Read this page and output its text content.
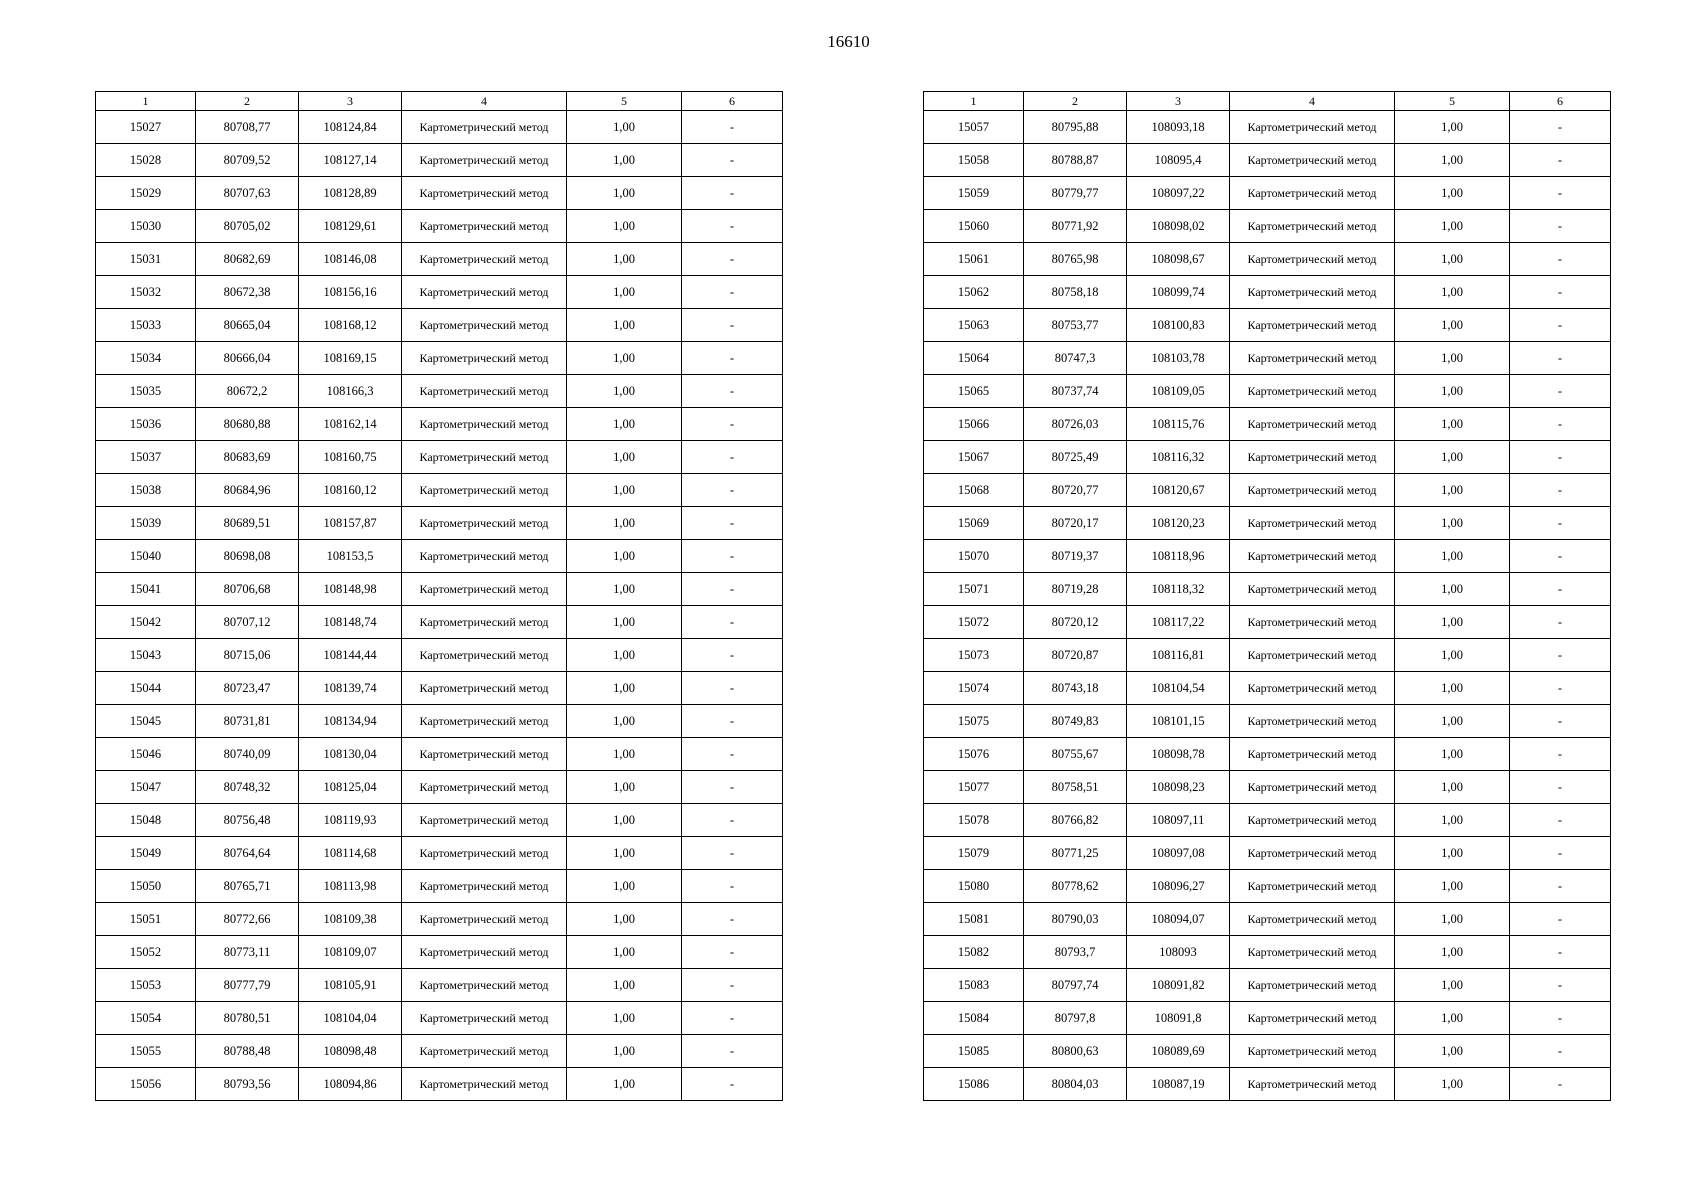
16610
1	2	3	4	5	6
15027	80708,77	108124,84	Картометрический метод	1,00	-
15028	80709,52	108127,14	Картометрический метод	1,00	-
15029	80707,63	108128,89	Картометрический метод	1,00	-
15030	80705,02	108129,61	Картометрический метод	1,00	-
15031	80682,69	108146,08	Картометрический метод	1,00	-
15032	80672,38	108156,16	Картометрический метод	1,00	-
15033	80665,04	108168,12	Картометрический метод	1,00	-
15034	80666,04	108169,15	Картометрический метод	1,00	-
15035	80672,2	108166,3	Картометрический метод	1,00	-
15036	80680,88	108162,14	Картометрический метод	1,00	-
15037	80683,69	108160,75	Картометрический метод	1,00	-
15038	80684,96	108160,12	Картометрический метод	1,00	-
15039	80689,51	108157,87	Картометрический метод	1,00	-
15040	80698,08	108153,5	Картометрический метод	1,00	-
15041	80706,68	108148,98	Картометрический метод	1,00	-
15042	80707,12	108148,74	Картометрический метод	1,00	-
15043	80715,06	108144,44	Картометрический метод	1,00	-
15044	80723,47	108139,74	Картометрический метод	1,00	-
15045	80731,81	108134,94	Картометрический метод	1,00	-
15046	80740,09	108130,04	Картометрический метод	1,00	-
15047	80748,32	108125,04	Картометрический метод	1,00	-
15048	80756,48	108119,93	Картометрический метод	1,00	-
15049	80764,64	108114,68	Картометрический метод	1,00	-
15050	80765,71	108113,98	Картометрический метод	1,00	-
15051	80772,66	108109,38	Картометрический метод	1,00	-
15052	80773,11	108109,07	Картометрический метод	1,00	-
15053	80777,79	108105,91	Картометрический метод	1,00	-
15054	80780,51	108104,04	Картометрический метод	1,00	-
15055	80788,48	108098,48	Картометрический метод	1,00	-
15056	80793,56	108094,86	Картометрический метод	1,00	-
1	2	3	4	5	6
15057	80795,88	108093,18	Картометрический метод	1,00	-
15058	80788,87	108095,4	Картометрический метод	1,00	-
15059	80779,77	108097,22	Картометрический метод	1,00	-
15060	80771,92	108098,02	Картометрический метод	1,00	-
15061	80765,98	108098,67	Картометрический метод	1,00	-
15062	80758,18	108099,74	Картометрический метод	1,00	-
15063	80753,77	108100,83	Картометрический метод	1,00	-
15064	80747,3	108103,78	Картометрический метод	1,00	-
15065	80737,74	108109,05	Картометрический метод	1,00	-
15066	80726,03	108115,76	Картометрический метод	1,00	-
15067	80725,49	108116,32	Картометрический метод	1,00	-
15068	80720,77	108120,67	Картометрический метод	1,00	-
15069	80720,17	108120,23	Картометрический метод	1,00	-
15070	80719,37	108118,96	Картометрический метод	1,00	-
15071	80719,28	108118,32	Картометрический метод	1,00	-
15072	80720,12	108117,22	Картометрический метод	1,00	-
15073	80720,87	108116,81	Картометрический метод	1,00	-
15074	80743,18	108104,54	Картометрический метод	1,00	-
15075	80749,83	108101,15	Картометрический метод	1,00	-
15076	80755,67	108098,78	Картометрический метод	1,00	-
15077	80758,51	108098,23	Картометрический метод	1,00	-
15078	80766,82	108097,11	Картометрический метод	1,00	-
15079	80771,25	108097,08	Картометрический метод	1,00	-
15080	80778,62	108096,27	Картометрический метод	1,00	-
15081	80790,03	108094,07	Картометрический метод	1,00	-
15082	80793,7	108093	Картометрический метод	1,00	-
15083	80797,74	108091,82	Картометрический метод	1,00	-
15084	80797,8	108091,8	Картометрический метод	1,00	-
15085	80800,63	108089,69	Картометрический метод	1,00	-
15086	80804,03	108087,19	Картометрический метод	1,00	-
